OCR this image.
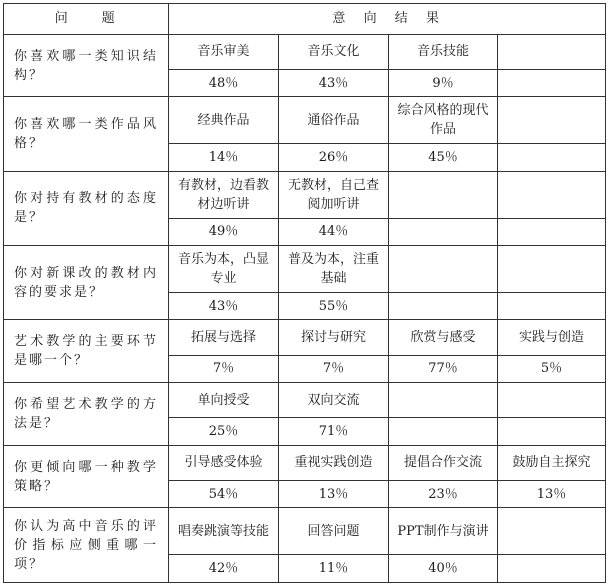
问　　题	意　向　结　果			
你喜欢哪一类知识结构？	音乐审美	音乐文化	音乐技能	
	48％	43％	9％	
你喜欢哪一类作品风格？	经典作品	通俗作品	综合风格的现代作品	
	14％	26％	45％	
你对持有教材的态度是？	有教材，边看教材边听讲	无教材，自己查阅加听讲		
	49％	44％		
你对新课改的教材内容的要求是？	音乐为本，凸显专业	普及为本，注重基础		
	43％	55％		
艺术教学的主要环节是哪一个？	拓展与选择	探讨与研究	欣赏与感受	实践与创造
	7％	7％	77％	5％
你希望艺术教学的方法是？	单向授受	双向交流		
	25％	71％		
你更倾向哪一种教学策略？	引导感受体验	重视实践创造	提倡合作交流	鼓励自主探究
	54％	13％	23％	13％
你认为高中音乐的评价指标应侧重哪一项？	唱奏跳演等技能	回答问题	PPT制作与演讲	
	42％	11％	40％	
